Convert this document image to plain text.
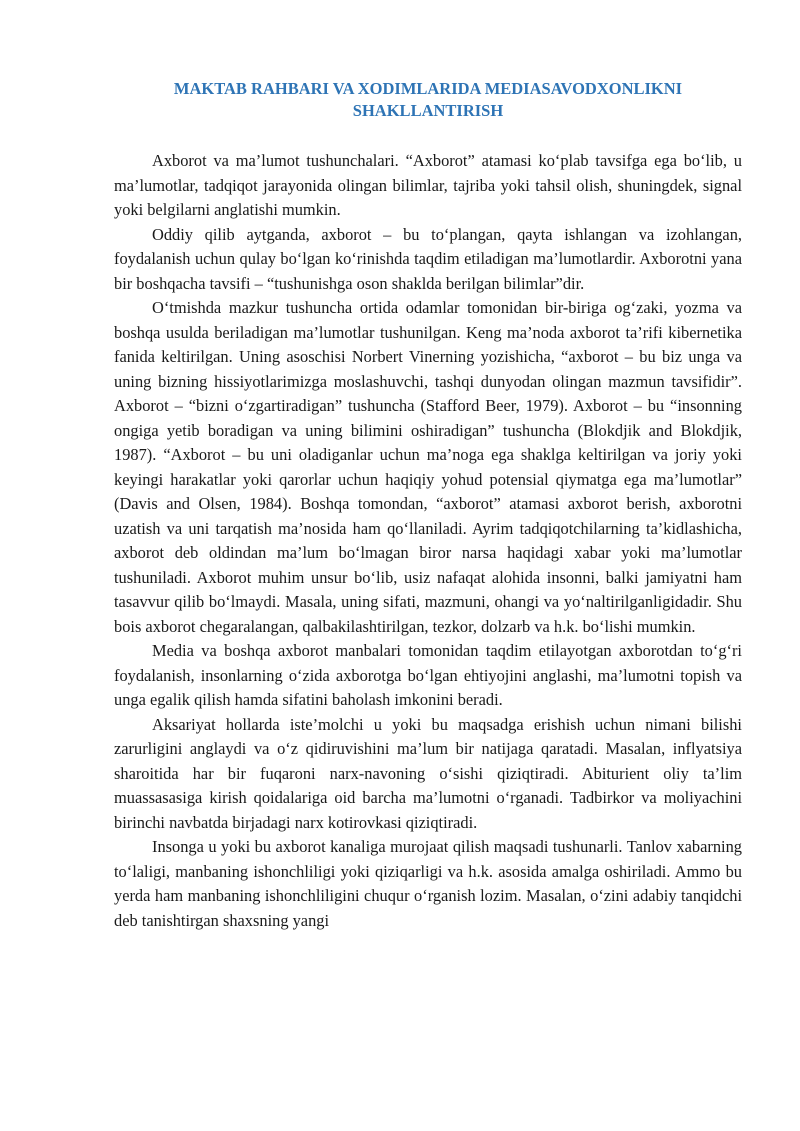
MAKTAB RAHBARI VA XODIMLARIDA MEDIASAVODXONLIKNI SHAKLLANTIRISH

Axborot va ma’lumot tushunchalari. “Axborot” atamasi ko‘plab tavsifga ega bo‘lib, u ma’lumotlar, tadqiqot jarayonida olingan bilimlar, tajriba yoki tahsil olish, shuningdek, signal yoki belgilarni anglatishi mumkin.

Oddiy qilib aytganda, axborot – bu to‘plangan, qayta ishlangan va izohlangan, foydalanish uchun qulay bo‘lgan ko‘rinishda taqdim etiladigan ma’lumotlardir. Axborotni yana bir boshqacha tavsifi – “tushunishga oson shaklda berilgan bilimlar”dir.

O‘tmishda mazkur tushuncha ortida odamlar tomonidan bir-biriga og‘zaki, yozma va boshqa usulda beriladigan ma’lumotlar tushunilgan. Keng ma’noda axborot ta’rifi kibernetika fanida keltirilgan. Uning asoschisi Norbert Vinerning yozishicha, “axborot – bu biz unga va uning bizning hissiyotlarimizga moslashuvchi, tashqi dunyodan olingan mazmun tavsifidir”. Axborot – “bizni o‘zgartiradigan” tushuncha (Stafford Beer, 1979). Axborot – bu “insonning ongiga yetib boradigan va uning bilimini oshiradigan” tushuncha (Blokdjik and Blokdjik, 1987). “Axborot – bu uni oladiganlar uchun ma’noga ega shaklga keltirilgan va joriy yoki keyingi harakatlar yoki qarorlar uchun haqiqiy yohud potensial qiymatga ega ma’lumotlar” (Davis and Olsen, 1984). Boshqa tomondan, “axborot” atamasi axborot berish, axborotni uzatish va uni tarqatish ma’nosida ham qo‘llaniladi. Ayrim tadqiqotchilarning ta’kidlashicha, axborot deb oldindan ma’lum bo‘lmagan biror narsa haqidagi xabar yoki ma’lumotlar tushuniladi. Axborot muhim unsur bo‘lib, usiz nafaqat alohida insonni, balki jamiyatni ham tasavvur qilib bo‘lmaydi. Masala, uning sifati, mazmuni, ohangi va yo‘naltirilganligidadir. Shu bois axborot chegaralangan, qalbakilashtirilgan, tezkor, dolzarb va h.k. bo‘lishi mumkin.

Media va boshqa axborot manbalari tomonidan taqdim etilayotgan axborotdan to‘g‘ri foydalanish, insonlarning o‘zida axborotga bo‘lgan ehtiyojini anglashi, ma’lumotni topish va unga egalik qilish hamda sifatini baholash imkonini beradi.

Aksariyat hollarda iste’molchi u yoki bu maqsadga erishish uchun nimani bilishi zarurligini anglaydi va o‘z qidiruvishini ma’lum bir natijaga qaratadi. Masalan, inflyatsiya sharoitida har bir fuqaroni narx-navoning o‘sishi qiziqtiradi. Abiturient oliy ta’lim muassasasiga kirish qoidalariga oid barcha ma’lumotni o‘rganadi. Tadbirkor va moliyachini birinchi navbatda birjadagi narx kotirovkasi qiziqtiradi.

Insonga u yoki bu axborot kanaliga murojaat qilish maqsadi tushunarli. Tanlov xabarning to‘laligi, manbaning ishonchliligi yoki qiziqarligi va h.k. asosida amalga oshiriladi. Ammo bu yerda ham manbaning ishonchliligini chuqur o‘rganish lozim. Masalan, o‘zini adabiy tanqidchi deb tanishtirgan shaxsning yangi
